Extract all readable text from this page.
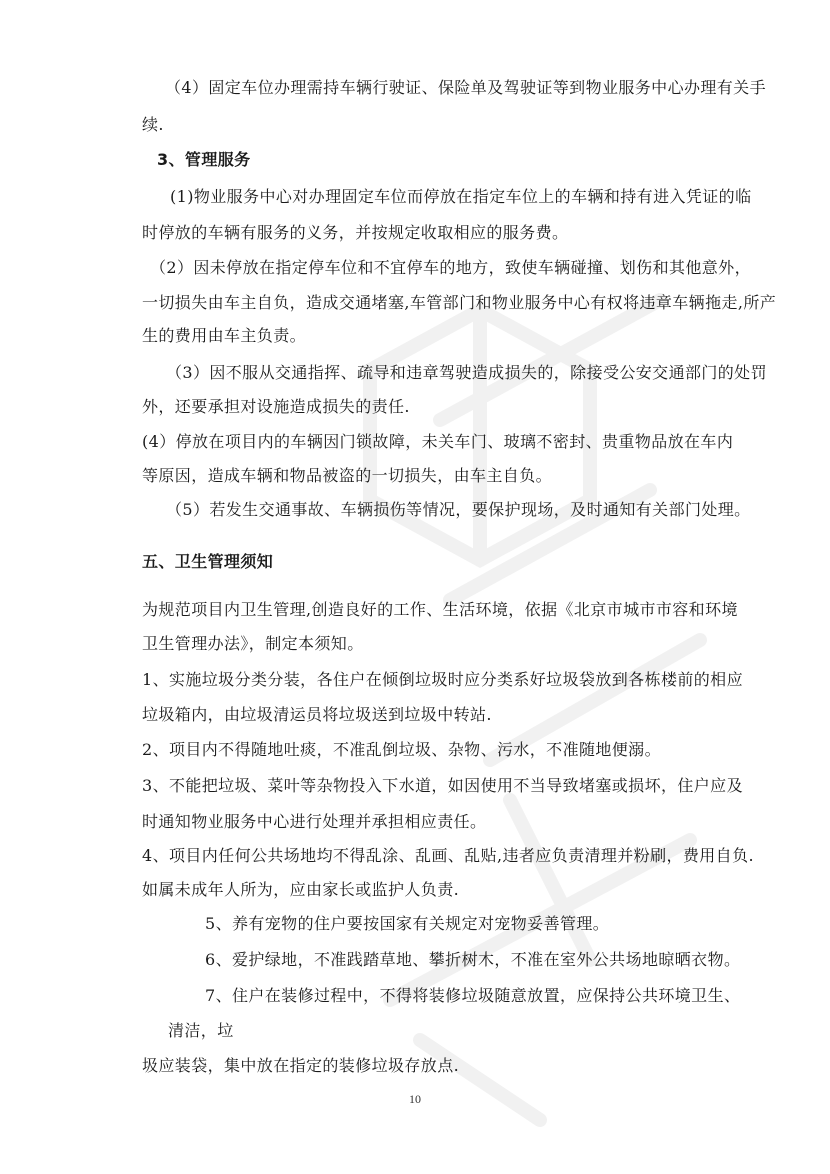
（4）固定车位办理需持车辆行驶证、保险单及驾驶证等到物业服务中心办理有关手
续.
3、管理服务
(1)物业服务中心对办理固定车位而停放在指定车位上的车辆和持有进入凭证的临
时停放的车辆有服务的义务，并按规定收取相应的服务费。
（2）因未停放在指定停车位和不宜停车的地方，致使车辆碰撞、划伤和其他意外，
一切损失由车主自负，造成交通堵塞,车管部门和物业服务中心有权将违章车辆拖走,所产
生的费用由车主负责。
（3）因不服从交通指挥、疏导和违章驾驶造成损失的，除接受公安交通部门的处罚
外，还要承担对设施造成损失的责任.
(4）停放在项目内的车辆因门锁故障，未关车门、玻璃不密封、贵重物品放在车内
等原因，造成车辆和物品被盗的一切损失，由车主自负。
（5）若发生交通事故、车辆损伤等情况，要保护现场，及时通知有关部门处理。
五、卫生管理须知
为规范项目内卫生管理,创造良好的工作、生活环境，依据《北京市城市市容和环境
卫生管理办法》，制定本须知。
1、实施垃圾分类分装，各住户在倾倒垃圾时应分类系好垃圾袋放到各栋楼前的相应
垃圾箱内，由垃圾清运员将垃圾送到垃圾中转站.
2、项目内不得随地吐痰，不准乱倒垃圾、杂物、污水，不准随地便溺。
3、不能把垃圾、菜叶等杂物投入下水道，如因使用不当导致堵塞或损坏，住户应及
时通知物业服务中心进行处理并承担相应责任。
4、项目内任何公共场地均不得乱涂、乱画、乱贴,违者应负责清理并粉刷，费用自负.
如属未成年人所为，应由家长或监护人负责.
5、养有宠物的住户要按国家有关规定对宠物妥善管理。
6、爱护绿地，不准践踏草地、攀折树木，不准在室外公共场地晾晒衣物。
7、住户在装修过程中，不得将装修垃圾随意放置，应保持公共环境卫生、
清洁，垃
圾应装袋，集中放在指定的装修垃圾存放点.
10
